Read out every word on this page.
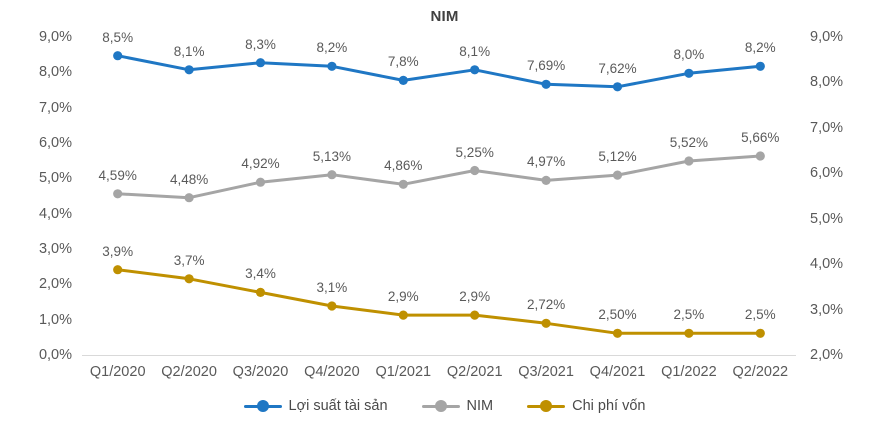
NIM
0,0%
1,0%
2,0%
3,0%
4,0%
5,0%
6,0%
7,0%
8,0%
9,0%
2,0%
3,0%
4,0%
5,0%
6,0%
7,0%
8,0%
9,0%
Q1/2020	Q2/2020	Q3/2020	Q4/2020	Q1/2021	Q2/2021	Q3/2021	Q4/2021	Q1/2022	Q2/2022
8,5%
8,1%	8,3%	8,2%
7,8%
8,1%
7,69% 7,62%
8,0%	8,2%
4,59% 4,48%
4,92% 5,13%
4,86%
5,25%
4,97% 5,12%
5,52% 5,66%
3,9%
3,7%
3,4%
3,1%
2,9%	2,9%
2,72%
2,50%	2,5%	2,5%
Lợi suất tài sản	NIM	Chi phí vốn
